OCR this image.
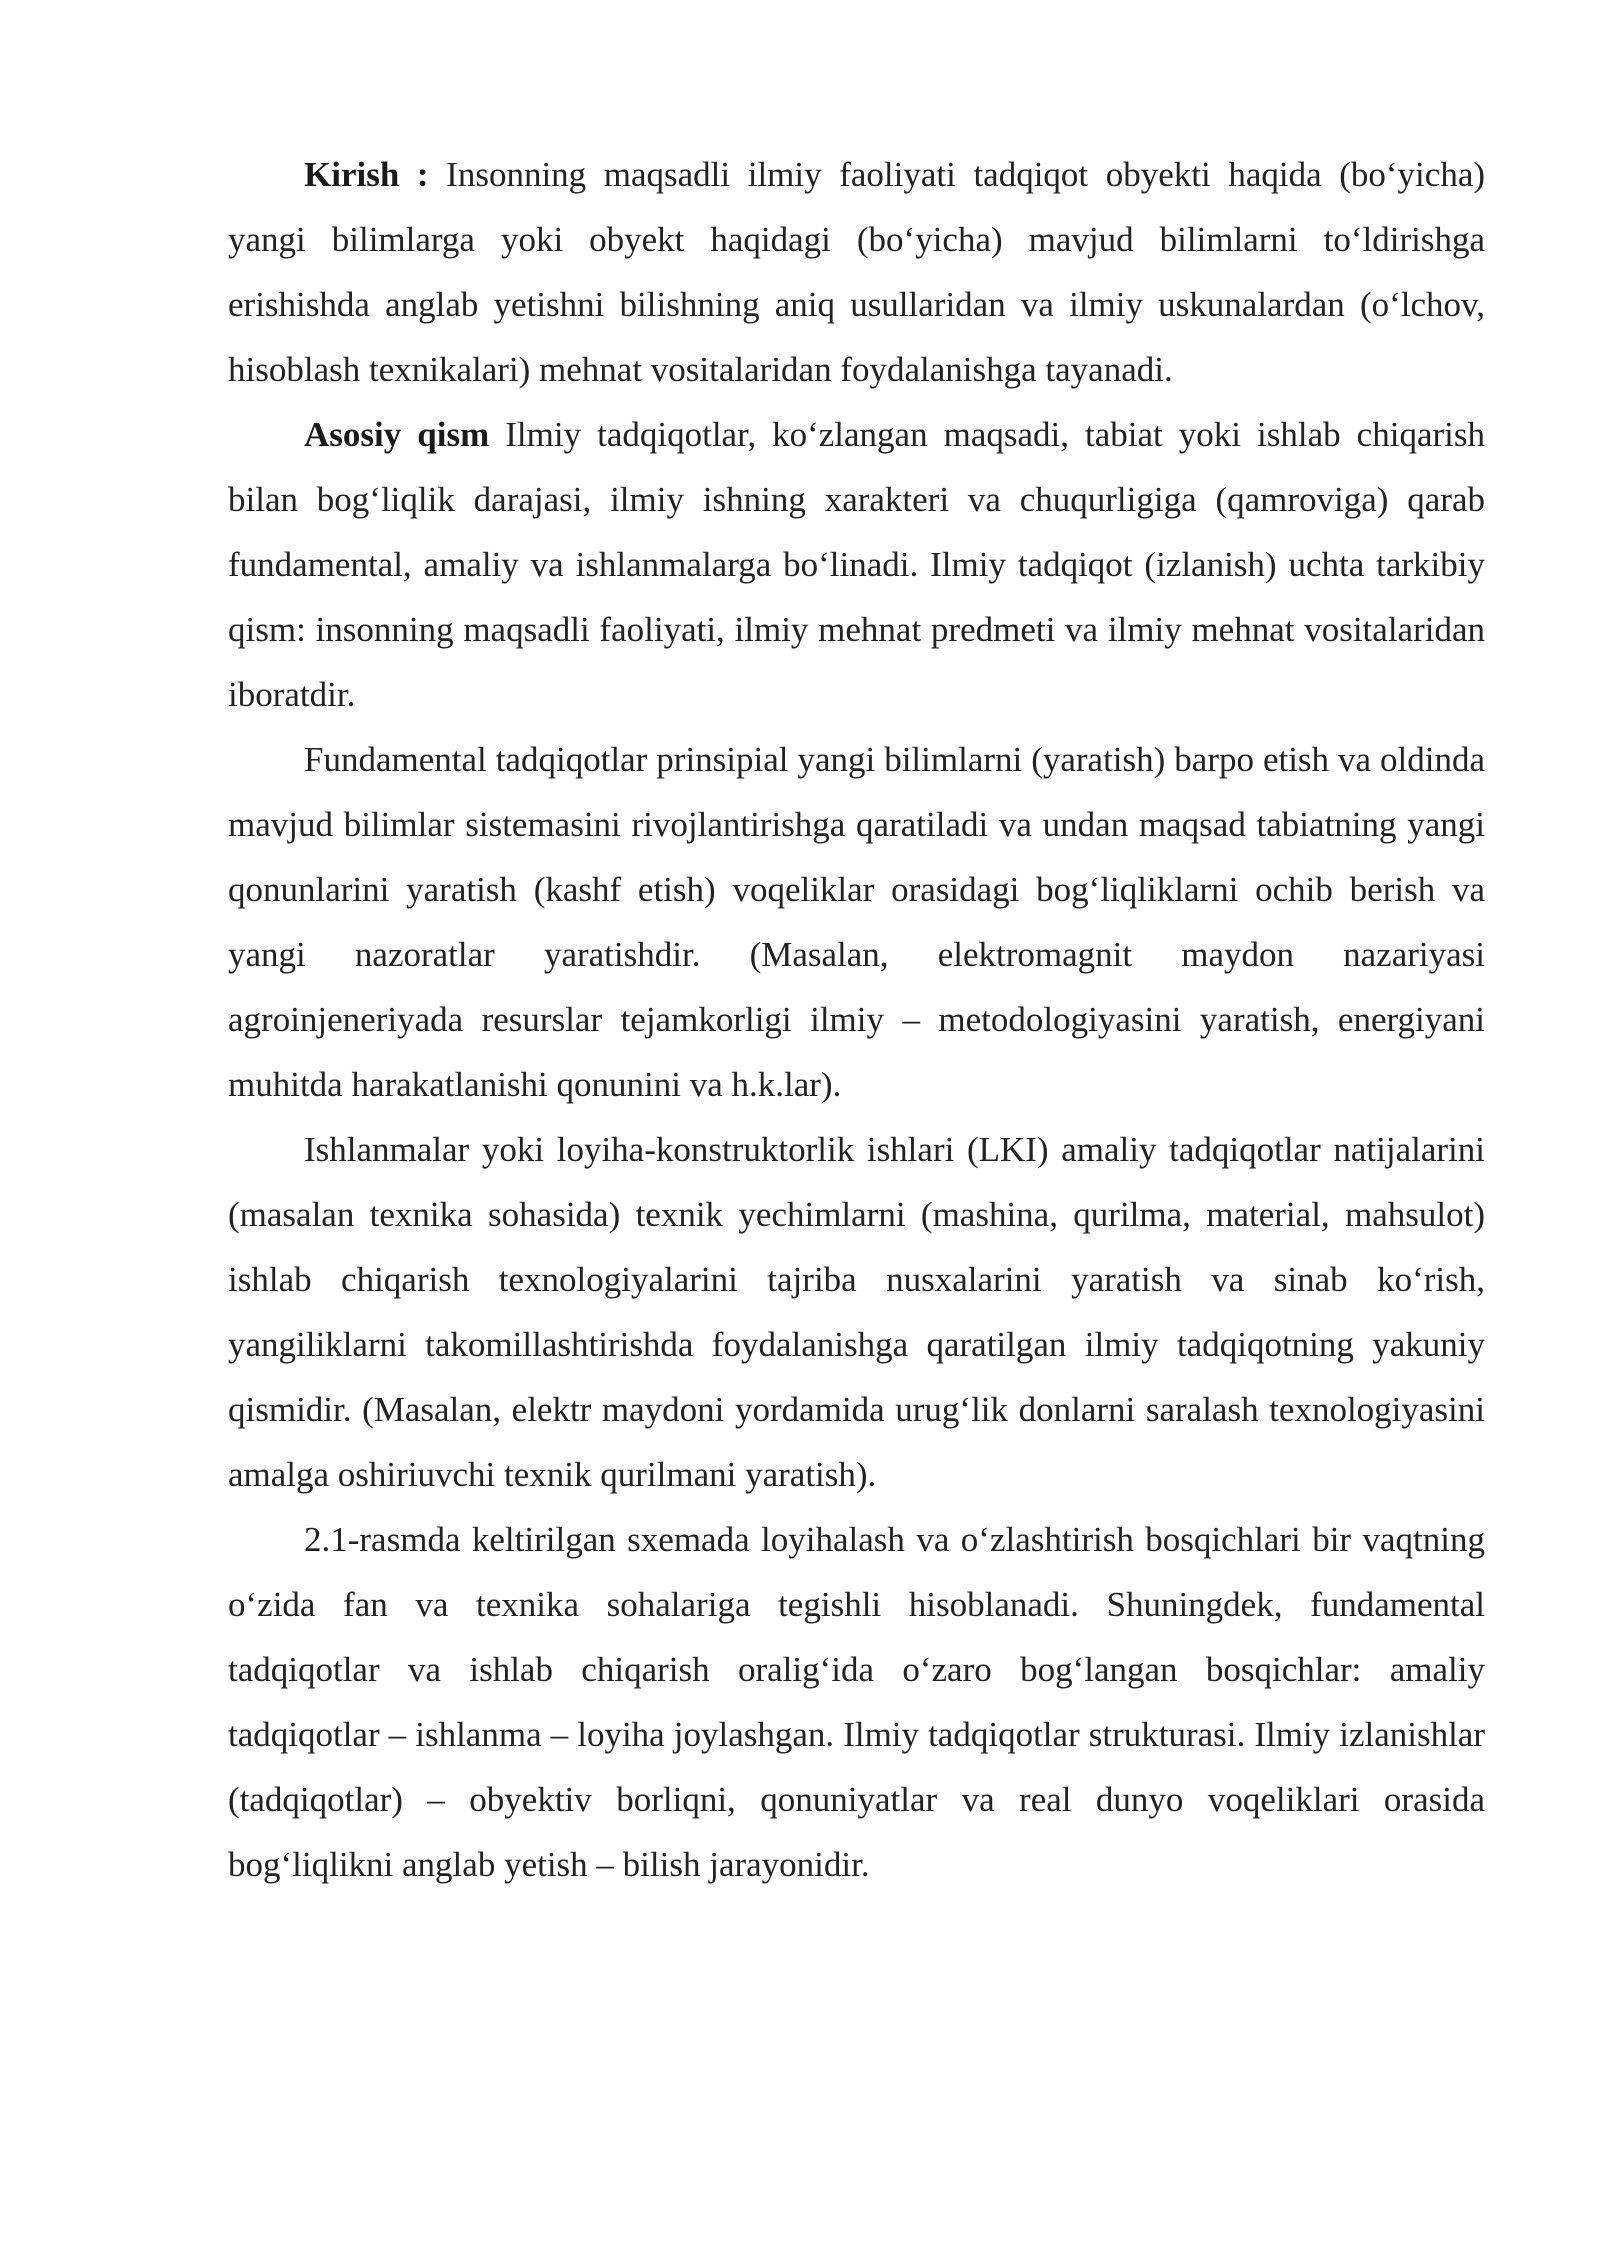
Kirish : Insonning maqsadli ilmiy faoliyati tadqiqot obyekti haqida (bo‘yicha) yangi bilimlarga yoki obyekt haqidagi (bo‘yicha) mavjud bilimlarni to‘ldirishga erishishda anglab yetishni bilishning aniq usullaridan va ilmiy uskunalardan (o‘lchov, hisoblash texnikalari) mehnat vositalaridan foydalanishga tayanadi.

Asosiy qism Ilmiy tadqiqotlar, ko‘zlangan maqsadi, tabiat yoki ishlab chiqarish bilan bog‘liqlik darajasi, ilmiy ishning xarakteri va chuqurligiga (qamroviga) qarab fundamental, amaliy va ishlanmalarga bo‘linadi. Ilmiy tadqiqot (izlanish) uchta tarkibiy qism: insonning maqsadli faoliyati, ilmiy mehnat predmeti va ilmiy mehnat vositalaridan iboratdir.

Fundamental tadqiqotlar prinsipial yangi bilimlarni (yaratish) barpo etish va oldinda mavjud bilimlar sistemasini rivojlantirishga qaratiladi va undan maqsad tabiatning yangi qonunlarini yaratish (kashf etish) voqeliklar orasidagi bog‘liqliklarni ochib berish va yangi nazoratlar yaratishdir. (Masalan, elektromagnit maydon nazariyasi agroinjeneriyada resurslar tejamkorligi ilmiy – metodologiyasini yaratish, energiyani muhitda harakatlanishi qonunini va h.k.lar).

Ishlanmalar yoki loyiha-konstruktorlik ishlari (LKI) amaliy tadqiqotlar natijalarini (masalan texnika sohasida) texnik yechimlarni (mashina, qurilma, material, mahsulot) ishlab chiqarish texnologiyalarini tajriba nusxalarini yaratish va sinab ko‘rish, yangiliklarni takomillashtirishda foydalanishga qaratilgan ilmiy tadqiqotning yakuniy qismidir. (Masalan, elektr maydoni yordamida urug‘lik donlarni saralash texnologiyasini amalga oshiriuvchi texnik qurilmani yaratish).

2.1-rasmda keltirilgan sxemada loyihalash va o‘zlashtirish bosqichlari bir vaqtning o‘zida fan va texnika sohalariga tegishli hisoblanadi. Shuningdek, fundamental tadqiqotlar va ishlab chiqarish oralig‘ida o‘zaro bog‘langan bosqichlar: amaliy tadqiqotlar – ishlanma – loyiha joylashgan. Ilmiy tadqiqotlar strukturasi. Ilmiy izlanishlar (tadqiqotlar) – obyektiv borliqni, qonuniyatlar va real dunyo voqeliklari orasida bog‘liqlikni anglab yetish – bilish jarayonidir.
